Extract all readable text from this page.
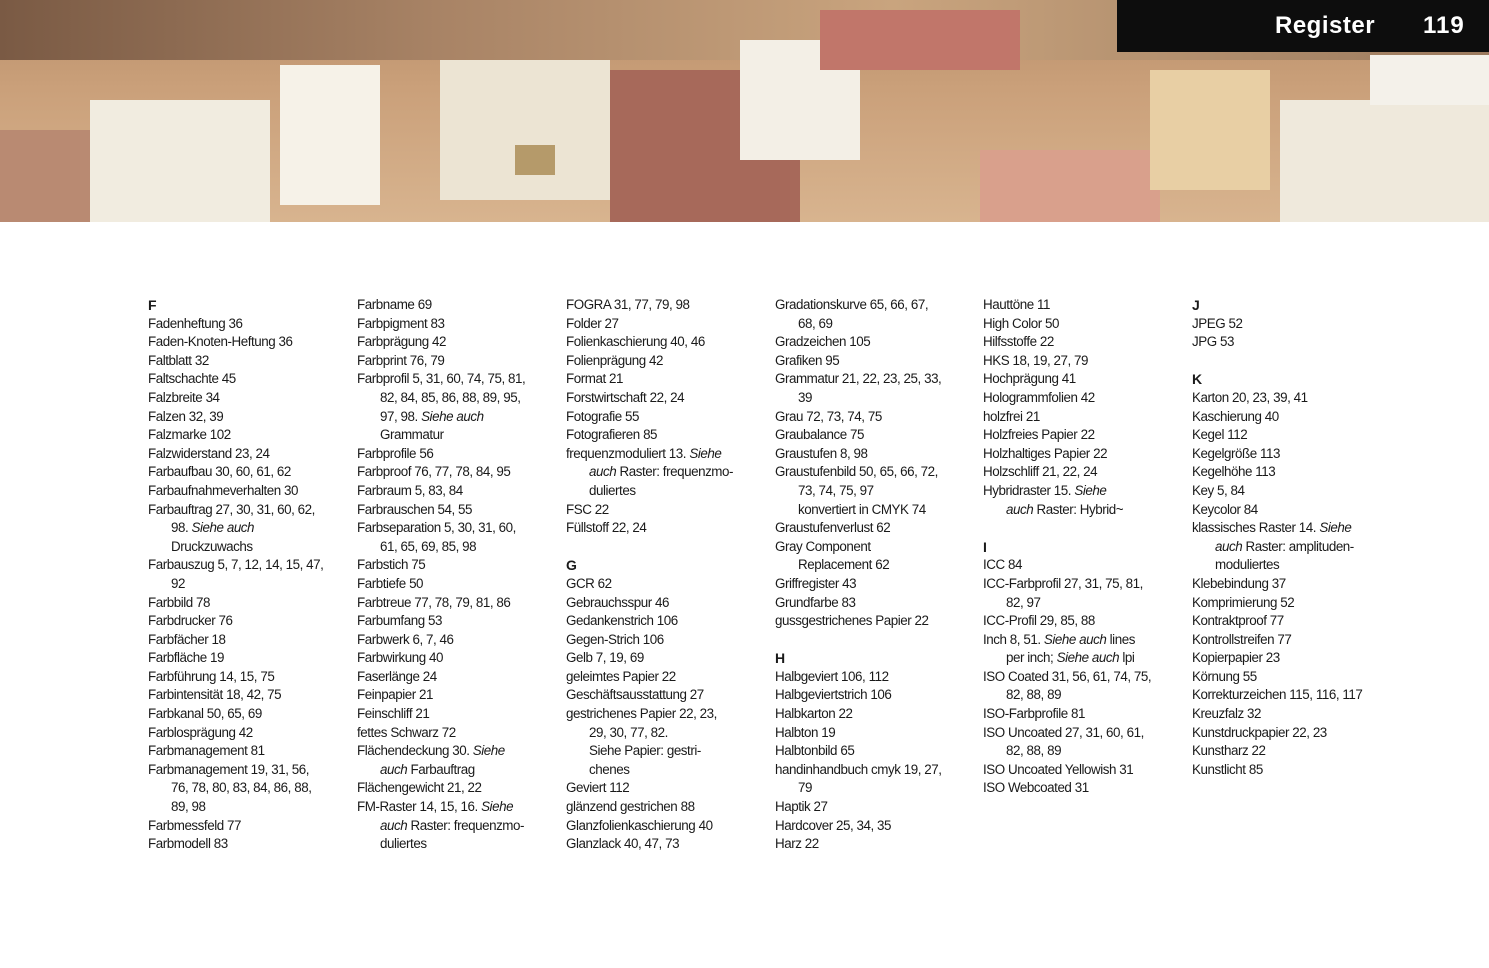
Register 119
F
Fadenheftung 36
Faden-Knoten-Heftung 36
Faltblatt 32
Faltschachte 45
Falzbreite 34
Falzen 32, 39
Falzmarke 102
Falzwiderstand 23, 24
Farbaufbau 30, 60, 61, 62
Farbaufnahmeverhalten 30
Farbauftrag 27, 30, 31, 60, 62,
98. Siehe auch
Druckzuwachs
Farbauszug 5, 7, 12, 14, 15, 47,
92
Farbbild 78
Farbdrucker 76
Farbfächer 18
Farbfläche 19
Farbführung 14, 15, 75
Farbintensität 18, 42, 75
Farbkanal 50, 65, 69
Farblosprägung 42
Farbmanagement 81
Farbmanagement 19, 31, 56,
76, 78, 80, 83, 84, 86, 88,
89, 98
Farbmessfeld 77
Farbmodell 83
Farbname 69
Farbpigment 83
Farbprägung 42
Farbprint 76, 79
Farbprofil 5, 31, 60, 74, 75, 81,
82, 84, 85, 86, 88, 89, 95,
97, 98. Siehe auch
Grammatur
Farbprofile 56
Farbproof 76, 77, 78, 84, 95
Farbraum 5, 83, 84
Farbrauschen 54, 55
Farbseparation 5, 30, 31, 60,
61, 65, 69, 85, 98
Farbstich 75
Farbtiefe 50
Farbtreue 77, 78, 79, 81, 86
Farbumfang 53
Farbwerk 6, 7, 46
Farbwirkung 40
Faserlänge 24
Feinpapier 21
Feinschliff 21
fettes Schwarz 72
Flächendeckung 30. Siehe
auch Farbauftrag
Flächengewicht 21, 22
FM-Raster 14, 15, 16. Siehe
auch Raster: frequenzmo-
duliertes
FOGRA 31, 77, 79, 98
Folder 27
Folienkaschierung 40, 46
Folienprägung 42
Format 21
Forstwirtschaft 22, 24
Fotografie 55
Fotografieren 85
frequenzmoduliert 13. Siehe
auch Raster: frequenzmo-
duliertes
FSC 22
Füllstoff 22, 24
G
GCR 62
Gebrauchsspur 46
Gedankenstrich 106
Gegen-Strich 106
Gelb 7, 19, 69
geleimtes Papier 22
Geschäftsausstattung 27
gestrichenes Papier 22, 23,
29, 30, 77, 82.
Siehe Papier: gestri-
chenes
Geviert 112
glänzend gestrichen 88
Glanzfolienkaschierung 40
Glanzlack 40, 47, 73
Gradationskurve 65, 66, 67,
68, 69
Gradzeichen 105
Grafiken 95
Grammatur 21, 22, 23, 25, 33,
39
Grau 72, 73, 74, 75
Graubalance 75
Graustufen 8, 98
Graustufenbild 50, 65, 66, 72,
73, 74, 75, 97
konvertiert in CMYK 74
Graustufenverlust 62
Gray Component
Replacement 62
Griffregister 43
Grundfarbe 83
gussgestrichenes Papier 22
H
Halbgeviert 106, 112
Halbgeviertstrich 106
Halbkarton 22
Halbton 19
Halbtonbild 65
handinhandbuch cmyk 19, 27,
79
Haptik 27
Hardcover 25, 34, 35
Harz 22
Hauttöne 11
High Color 50
Hilfsstoffe 22
HKS 18, 19, 27, 79
Hochprägung 41
Hologrammfolien 42
holzfrei 21
Holzfreies Papier 22
Holzhaltiges Papier 22
Holzschliff 21, 22, 24
Hybridraster 15. Siehe
auch Raster: Hybrid~
I
ICC 84
ICC-Farbprofil 27, 31, 75, 81,
82, 97
ICC-Profil 29, 85, 88
Inch 8, 51. Siehe auch lines
per inch; Siehe auch lpi
ISO Coated 31, 56, 61, 74, 75,
82, 88, 89
ISO-Farbprofile 81
ISO Uncoated 27, 31, 60, 61,
82, 88, 89
ISO Uncoated Yellowish 31
ISO Webcoated 31
J
JPEG 52
JPG 53
K
Karton 20, 23, 39, 41
Kaschierung 40
Kegel 112
Kegelgröße 113
Kegelhöhe 113
Key 5, 84
Keycolor 84
klassisches Raster 14. Siehe
auch Raster: amplituden-
moduliertes
Klebebindung 37
Komprimierung 52
Kontraktproof 77
Kontrollstreifen 77
Kopierpapier 23
Körnung 55
Korrekturzeichen 115, 116, 117
Kreuzfalz 32
Kunstdruckpapier 22, 23
Kunstharz 22
Kunstlicht 85
